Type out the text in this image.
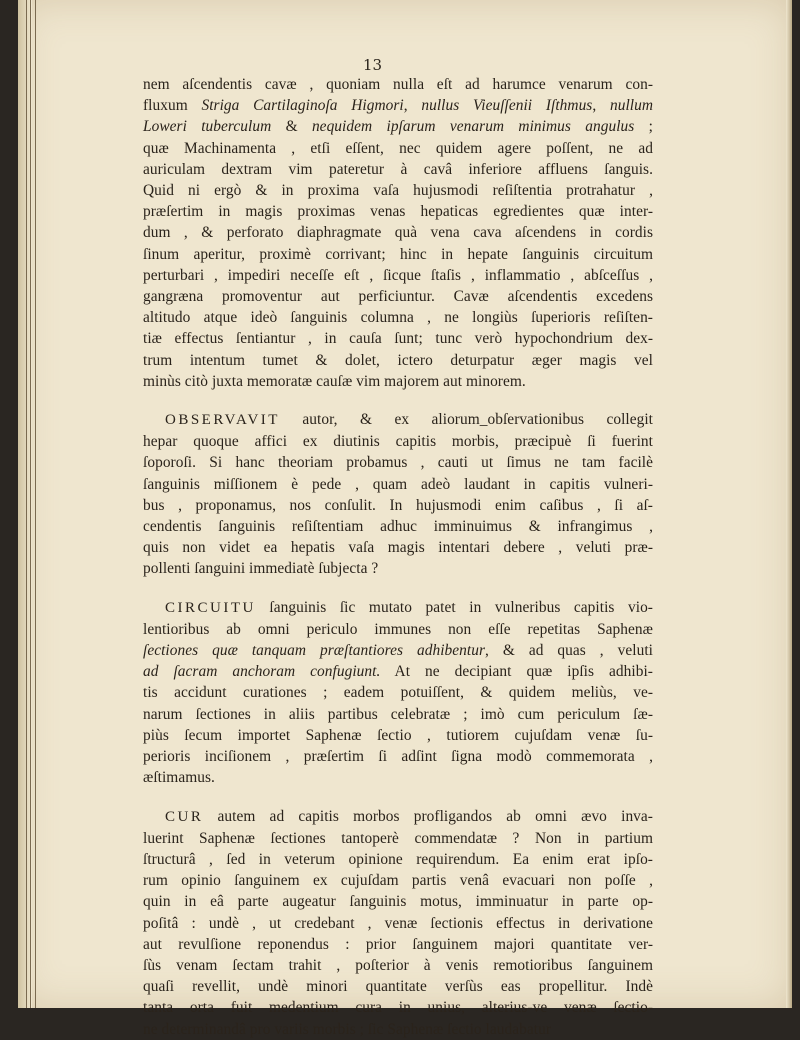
13
nem aſcendentis cavæ , quoniam nulla eſt ad harumce venarum con-
fluxum Striga Cartilaginoſa Higmori, nullus Vieuſſenii Iſthmus, nullum
Loweri tuberculum & nequidem ipſarum venarum minimus angulus ;
quæ Machinamenta , etſi eſſent, nec quidem agere poſſent, ne ad
auriculam dextram vim pateretur à cavâ inferiore affluens ſanguis.
Quid ni ergò & in proxima vaſa hujusmodi reſiſtentia protrahatur ,
præſertim in magis proximas venas hepaticas egredientes quæ inter-
dum , & perforato diaphragmate quà vena cava aſcendens in cordis
ſinum aperitur, proximè corrivant; hinc in hepate ſanguinis circuitum
perturbari , impediri neceſſe eſt , ſicque ſtaſis , inflammatio , abſceſſus ,
gangræna promoventur aut perficiuntur. Cavæ aſcendentis excedens
altitudo atque ideò ſanguinis columna , ne longiùs ſuperioris reſiſten-
tiæ effectus ſentiantur , in cauſa ſunt; tunc verò hypochondrium dex-
trum intentum tumet & dolet, ictero deturpatur æger magis vel
minùs citò juxta memoratæ cauſæ vim majorem aut minorem.
OBSERVAVIT autor, & ex aliorum_obſervationibus collegit
hepar quoque affici ex diutinis capitis morbis, præcipuè ſi fuerint
ſoporoſi. Si hanc theoriam probamus , cauti ut ſimus ne tam facilè
ſanguinis miſſionem è pede , quam adeò laudant in capitis vulneri-
bus , proponamus, nos conſulit. In hujusmodi enim caſibus , ſi aſ-
cendentis ſanguinis reſiſtentiam adhuc imminuimus & infrangimus ,
quis non videt ea hepatis vaſa magis intentari debere , veluti præ-
pollenti ſanguini immediatè ſubjecta ?
CIRCUITU ſanguinis ſic mutato patet in vulneribus capitis vio-
lentioribus ab omni periculo immunes non eſſe repetitas Saphenæ
ſectiones quæ tanquam præſtantiores adhibentur, & ad quas , veluti
ad ſacram anchoram confugiunt. At ne decipiant quæ ipſis adhibi-
tis accidunt curationes ; eadem potuiſſent, & quidem meliùs, ve-
narum ſectiones in aliis partibus celebratæ ; imò cum periculum ſæ-
piùs ſecum importet Saphenæ ſectio , tutiorem cujuſdam venæ ſu-
perioris inciſionem , præſertim ſi adſint ſigna modò commemorata ,
æſtimamus.
CUR autem ad capitis morbos profligandos ab omni ævo inva-
luerint Saphenæ ſectiones tantoperè commendatæ ? Non in partium
ſtructurâ , ſed in veterum opinione requirendum. Ea enim erat ipſo-
rum opinio ſanguinem ex cujuſdam partis venâ evacuari non poſſe ,
quin in eâ parte augeatur ſanguinis motus, imminuatur in parte op-
poſitâ : undè , ut credebant , venæ ſectionis effectus in derivatione
aut revulſione reponendus : prior ſanguinem majori quantitate ver-
ſùs venam ſectam trahit , poſterior à venis remotioribus ſanguinem
quaſi revellit, undè minori quantitate verſùs eas propellitur. Indè
tanta orta fuit medentium cura in unius, alterius-ve venæ ſectio-
ne determinandâ pro variis morbis ; ſic Saphenæ ſectio laudabatur
